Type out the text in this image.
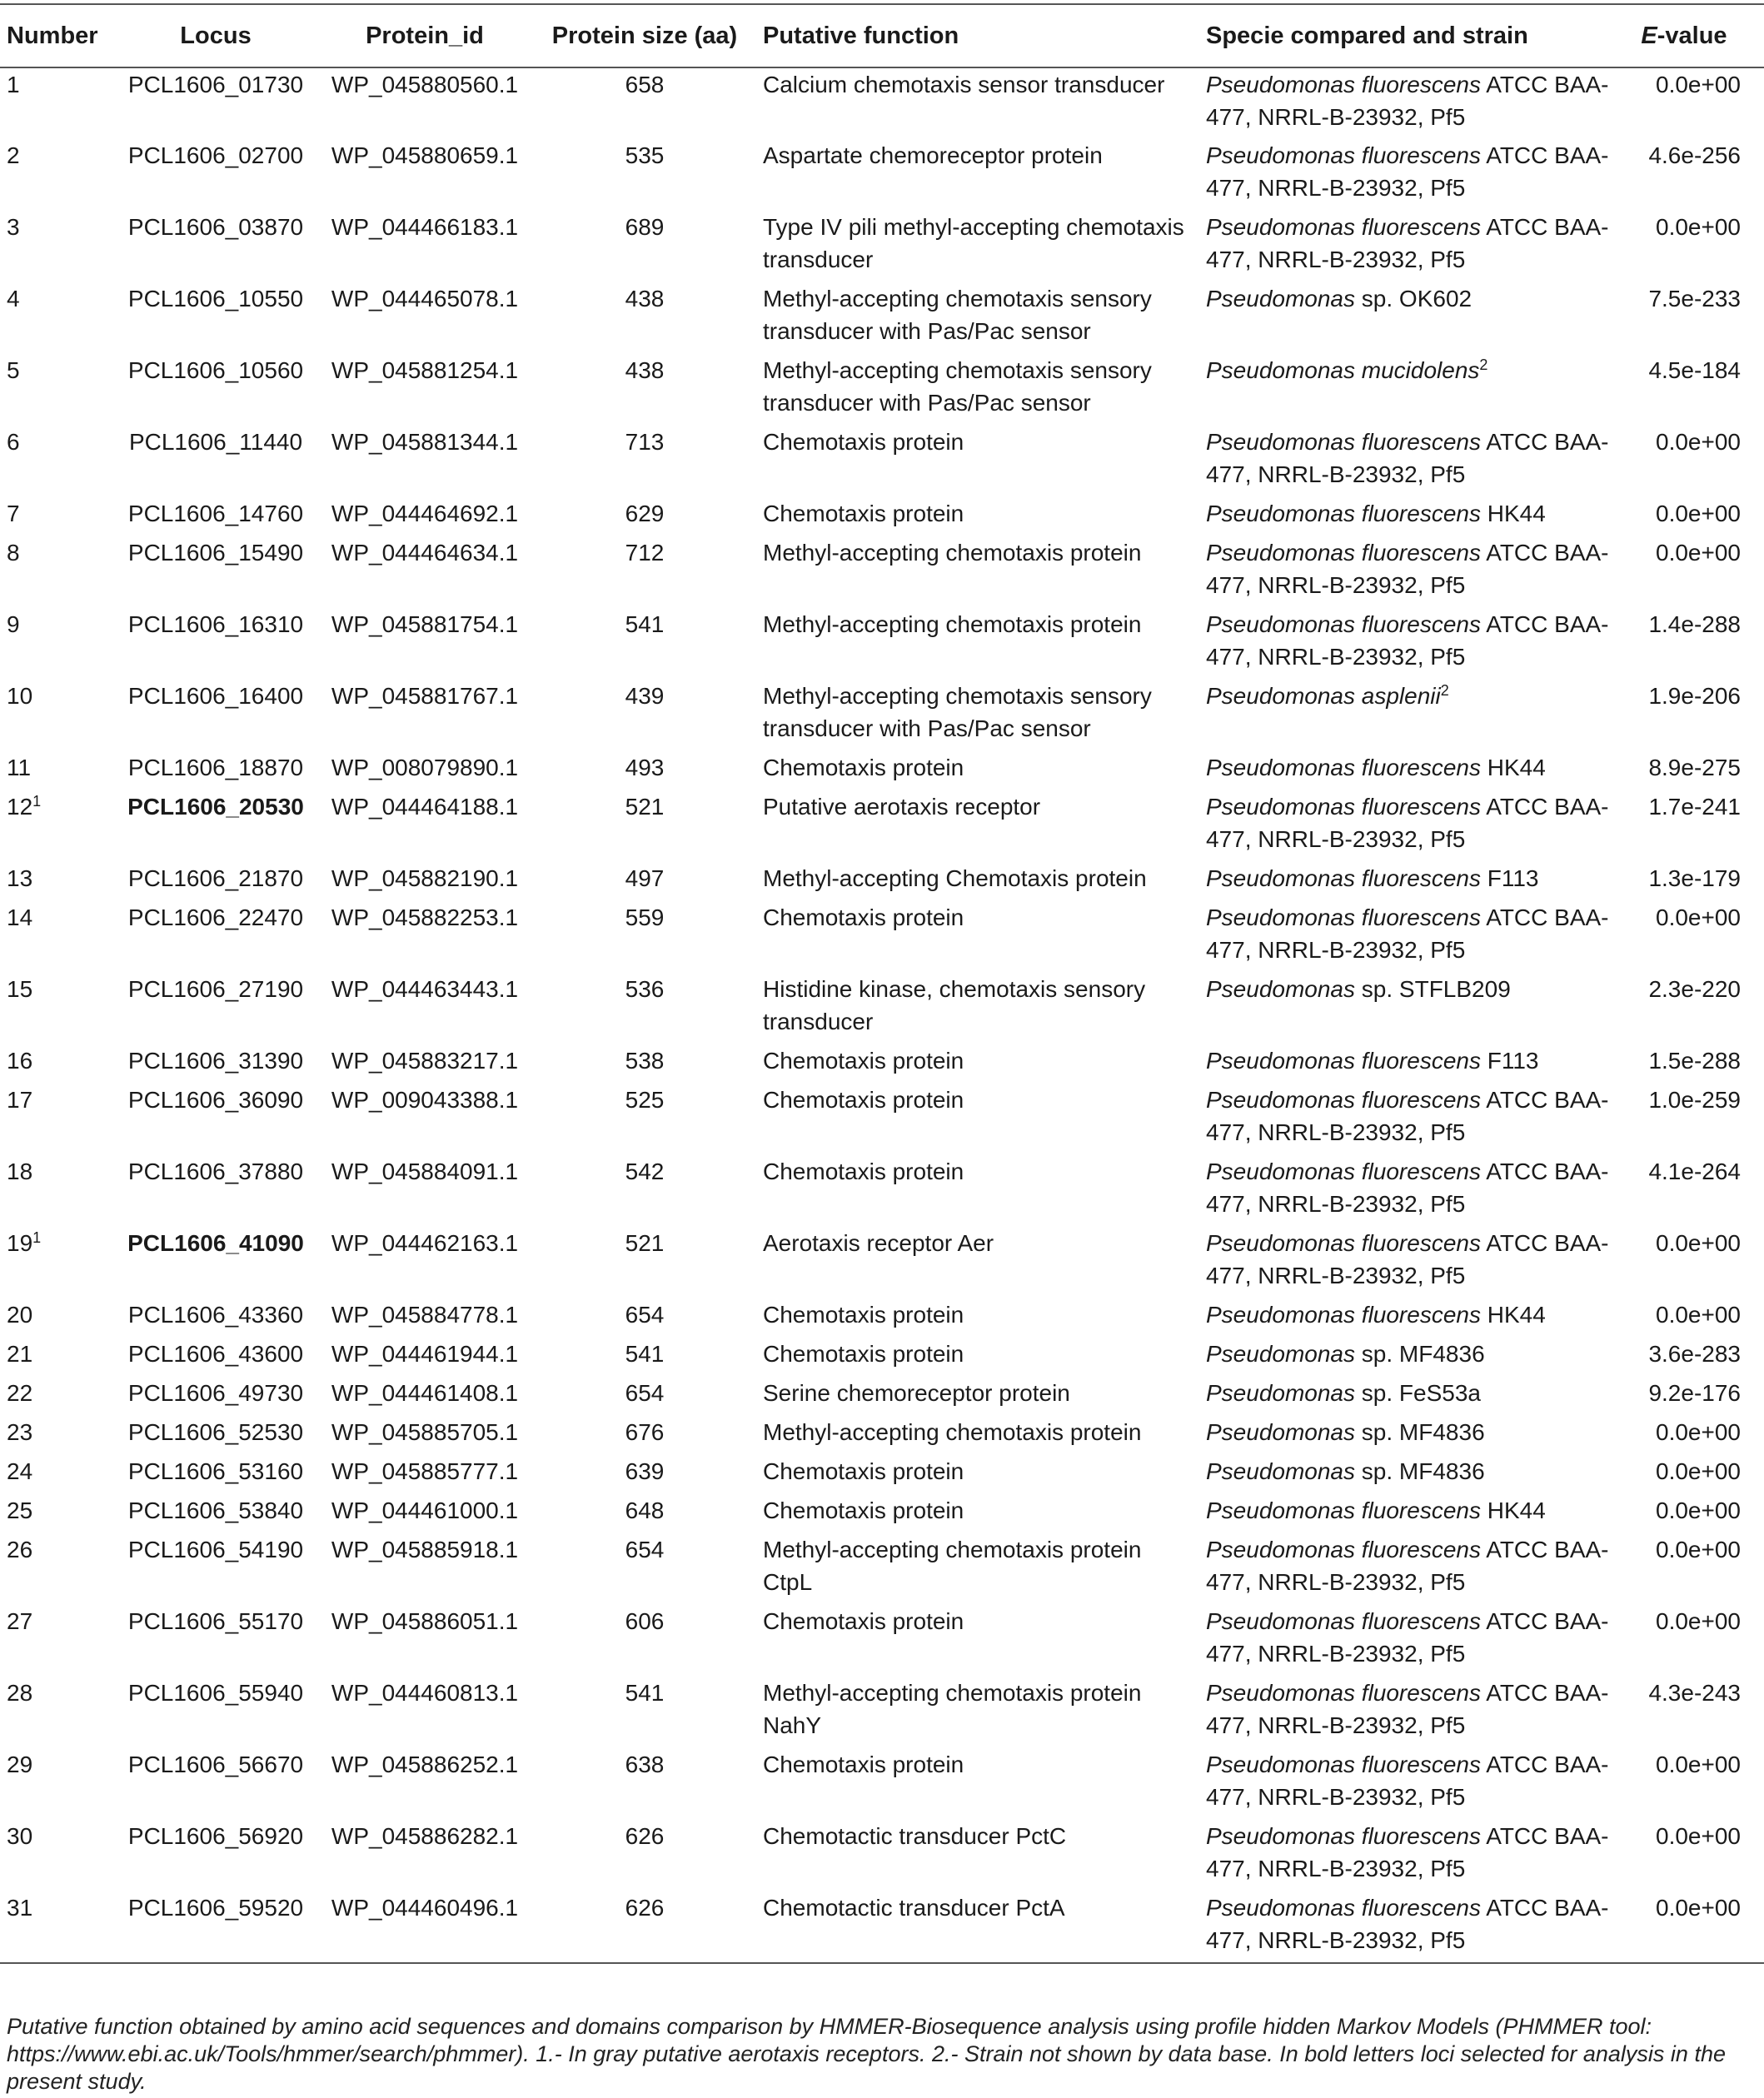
Number	Locus	Protein_id	Protein size (aa)	Putative function	Specie compared and strain	E-value
1	PCL1606_01730	WP_045880560.1	658	Calcium chemotaxis sensor transducer	Pseudomonas fluorescens ATCC BAA-477, NRRL-B-23932, Pf5	0.0e+00
2	PCL1606_02700	WP_045880659.1	535	Aspartate chemoreceptor protein	Pseudomonas fluorescens ATCC BAA-477, NRRL-B-23932, Pf5	4.6e-256
3	PCL1606_03870	WP_044466183.1	689	Type IV pili methyl-accepting chemotaxis transducer	Pseudomonas fluorescens ATCC BAA-477, NRRL-B-23932, Pf5	0.0e+00
4	PCL1606_10550	WP_044465078.1	438	Methyl-accepting chemotaxis sensory transducer with Pas/Pac sensor	Pseudomonas sp. OK602	7.5e-233
5	PCL1606_10560	WP_045881254.1	438	Methyl-accepting chemotaxis sensory transducer with Pas/Pac sensor	Pseudomonas mucidolens$^2$	4.5e-184
6	PCL1606_11440	WP_045881344.1	713	Chemotaxis protein	Pseudomonas fluorescens ATCC BAA-477, NRRL-B-23932, Pf5	0.0e+00
7	PCL1606_14760	WP_044464692.1	629	Chemotaxis protein	Pseudomonas fluorescens HK44	0.0e+00
8	PCL1606_15490	WP_044464634.1	712	Methyl-accepting chemotaxis protein	Pseudomonas fluorescens ATCC BAA-477, NRRL-B-23932, Pf5	0.0e+00
9	PCL1606_16310	WP_045881754.1	541	Methyl-accepting chemotaxis protein	Pseudomonas fluorescens ATCC BAA-477, NRRL-B-23932, Pf5	1.4e-288
10	PCL1606_16400	WP_045881767.1	439	Methyl-accepting chemotaxis sensory transducer with Pas/Pac sensor	Pseudomonas asplenii$^2$	1.9e-206
11	PCL1606_18870	WP_008079890.1	493	Chemotaxis protein	Pseudomonas fluorescens HK44	8.9e-275
$12^1$	PCL1606_20530	WP_044464188.1	521	Putative aerotaxis receptor	Pseudomonas fluorescens ATCC BAA-477, NRRL-B-23932, Pf5	1.7e-241
13	PCL1606_21870	WP_045882190.1	497	Methyl-accepting Chemotaxis protein	Pseudomonas fluorescens F113	1.3e-179
14	PCL1606_22470	WP_045882253.1	559	Chemotaxis protein	Pseudomonas fluorescens ATCC BAA-477, NRRL-B-23932, Pf5	0.0e+00
15	PCL1606_27190	WP_044463443.1	536	Histidine kinase, chemotaxis sensory transducer	Pseudomonas sp. STFLB209	2.3e-220
16	PCL1606_31390	WP_045883217.1	538	Chemotaxis protein	Pseudomonas fluorescens F113	1.5e-288
17	PCL1606_36090	WP_009043388.1	525	Chemotaxis protein	Pseudomonas fluorescens ATCC BAA-477, NRRL-B-23932, Pf5	1.0e-259
18	PCL1606_37880	WP_045884091.1	542	Chemotaxis protein	Pseudomonas fluorescens ATCC BAA-477, NRRL-B-23932, Pf5	4.1e-264
$19^1$	PCL1606_41090	WP_044462163.1	521	Aerotaxis receptor Aer	Pseudomonas fluorescens ATCC BAA-477, NRRL-B-23932, Pf5	0.0e+00
20	PCL1606_43360	WP_045884778.1	654	Chemotaxis protein	Pseudomonas fluorescens HK44	0.0e+00
21	PCL1606_43600	WP_044461944.1	541	Chemotaxis protein	Pseudomonas sp. MF4836	3.6e-283
22	PCL1606_49730	WP_044461408.1	654	Serine chemoreceptor protein	Pseudomonas sp. FeS53a	9.2e-176
23	PCL1606_52530	WP_045885705.1	676	Methyl-accepting chemotaxis protein	Pseudomonas sp. MF4836	0.0e+00
24	PCL1606_53160	WP_045885777.1	639	Chemotaxis protein	Pseudomonas sp. MF4836	0.0e+00
25	PCL1606_53840	WP_044461000.1	648	Chemotaxis protein	Pseudomonas fluorescens HK44	0.0e+00
26	PCL1606_54190	WP_045885918.1	654	Methyl-accepting chemotaxis protein CtpL	Pseudomonas fluorescens ATCC BAA-477, NRRL-B-23932, Pf5	0.0e+00
27	PCL1606_55170	WP_045886051.1	606	Chemotaxis protein	Pseudomonas fluorescens ATCC BAA-477, NRRL-B-23932, Pf5	0.0e+00
28	PCL1606_55940	WP_044460813.1	541	Methyl-accepting chemotaxis protein NahY	Pseudomonas fluorescens ATCC BAA-477, NRRL-B-23932, Pf5	4.3e-243
29	PCL1606_56670	WP_045886252.1	638	Chemotaxis protein	Pseudomonas fluorescens ATCC BAA-477, NRRL-B-23932, Pf5	0.0e+00
30	PCL1606_56920	WP_045886282.1	626	Chemotactic transducer PctC	Pseudomonas fluorescens ATCC BAA-477, NRRL-B-23932, Pf5	0.0e+00
31	PCL1606_59520	WP_044460496.1	626	Chemotactic transducer PctA	Pseudomonas fluorescens ATCC BAA-477, NRRL-B-23932, Pf5	0.0e+00
Putative function obtained by amino acid sequences and domains comparison by HMMER-Biosequence analysis using profile hidden Markov Models (PHMMER tool: https://www.ebi.ac.uk/Tools/hmmer/search/phmmer). 1.- In gray putative aerotaxis receptors. 2.- Strain not shown by data base. In bold letters loci selected for analysis in the present study.
